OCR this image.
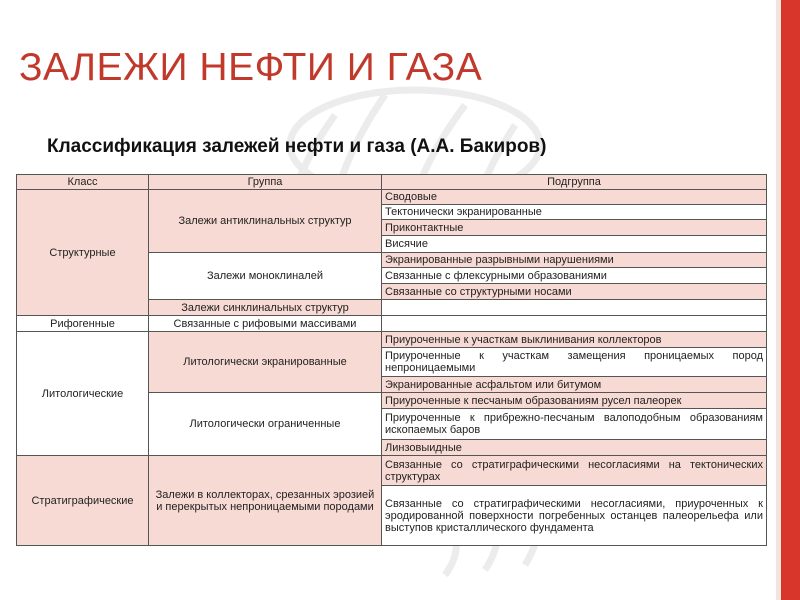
ЗАЛЕЖИ НЕФТИ И ГАЗА
Классификация залежей нефти и газа (А.А. Бакиров)
Класс	Группа	Подгруппа
Структурные	Залежи антиклинальных структур	Сводовые
		Тектонически экранированные
		Приконтактные
		Висячие
	Залежи моноклиналей	Экранированные разрывными нарушениями
		Связанные с флексурными образованиями
		Связанные со структурными носами
	Залежи синклинальных структур	
Рифогенные	Связанные с рифовыми массивами	
Литологические	Литологически экранированные	Приуроченные к участкам выклинивания коллекторов
		Приуроченные к участкам замещения проницаемых пород непроницаемыми
		Экранированные асфальтом или битумом
	Литологически ограниченные	Приуроченные к песчаным образованиям русел палеорек
		Приуроченные к прибрежно-песчаным валоподобным образованиям ископаемых баров
		Линзовыидные
Стратиграфические	Залежи в коллекторах, срезанных эрозией и перекрытых непроницаемыми породами	Связанные со стратиграфическими несогласиями на тектонических структурах
		Связанные со стратиграфическими несогласиями, приуроченных к эродированной поверхности погребенных останцев палеорельефа или выступов кристаллического фундамента
